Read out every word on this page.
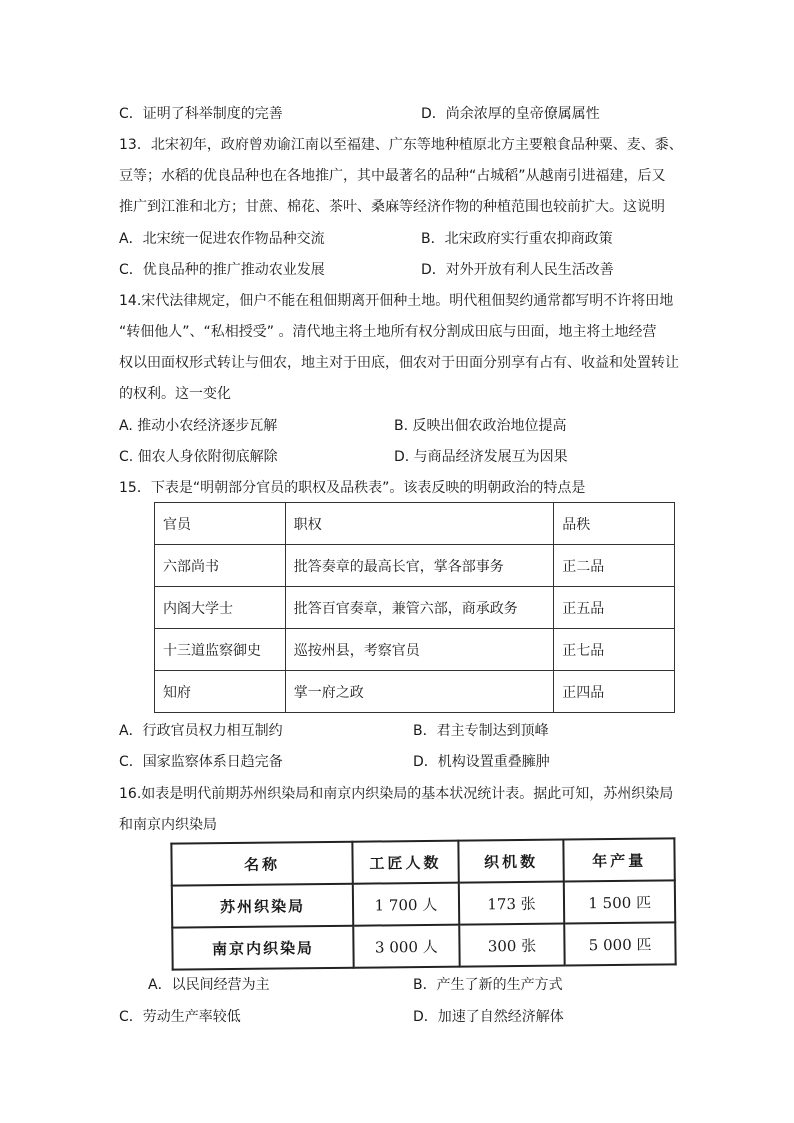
C．证明了科举制度的完善	D．尚余浓厚的皇帝僚属属性
13．北宋初年，政府曾劝谕江南以至福建、广东等地种植原北方主要粮食品种粟、麦、黍、
豆等；水稻的优良品种也在各地推广，其中最著名的品种“占城稻”从越南引进福建，后又
推广到江淮和北方；甘蔗、棉花、茶叶、桑麻等经济作物的种植范围也较前扩大。这说明
A．北宋统一促进农作物品种交流	B．北宋政府实行重农抑商政策
C．优良品种的推广推动农业发展	D．对外开放有利人民生活改善
14.宋代法律规定，佃户不能在租佃期离开佃种土地。明代租佃契约通常都写明不许将田地
“转佃他人”、“私相授受” 。清代地主将土地所有权分割成田底与田面，地主将土地经营
权以田面权形式转让与佃农，地主对于田底，佃农对于田面分别享有占有、收益和处置转让
的权利。这一变化
A. 推动小农经济逐步瓦解	B. 反映出佃农政治地位提高
C. 佃农人身依附彻底解除	D. 与商品经济发展互为因果
15．下表是“明朝部分官员的职权及品秩表”。该表反映的明朝政治的特点是
官员	职权	品秩
六部尚书	批答奏章的最高长官，掌各部事务	正二品
内阁大学士	批答百官奏章，兼管六部，商承政务	正五品
十三道监察御史	巡按州县，考察官员	正七品
知府	掌一府之政	正四品
A．行政官员权力相互制约	B．君主专制达到顶峰
C．国家监察体系日趋完备	D．机构设置重叠臃肿
16.如表是明代前期苏州织染局和南京内织染局的基本状况统计表。据此可知，苏州织染局
和南京内织染局
名称	工匠人数	织机数	年产量
苏州织染局	1 700 人	173 张	1 500 匹
南京内织染局	3 000 人	300 张	5 000 匹
A．以民间经营为主	B．产生了新的生产方式
C．劳动生产率较低	D．加速了自然经济解体
